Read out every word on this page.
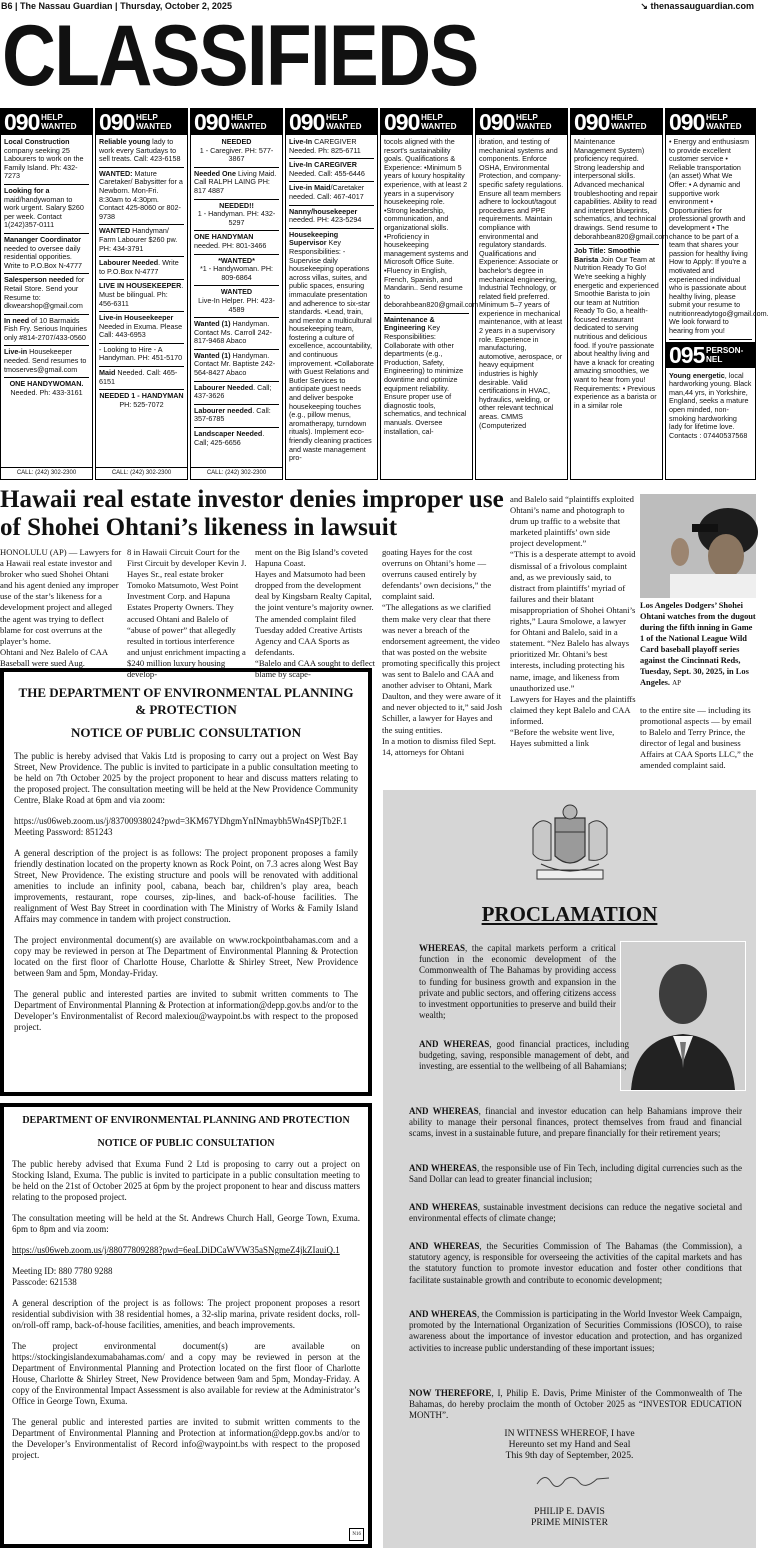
B6 | The Nassau Guardian | Thursday, October 2, 2025	↘ thenassauguardian.com
CLASSIFIEDS
090 HELP
WANTED
Local Construction company seeking 25 Labourers to work on the Family Island. Ph: 432-7273
Looking for a maid/handywoman to work urgent. Salary $260 per week. Contact 1(242)357-0111
Mananger Coordinator needed to oversee daily residential opporities. Write to P.O.Box N-4777
Salesperson needed for Retail Store. Send your Resume to: dkwearshop@gmail.com
In need of 10 Barmaids Fish Fry. Serious Inquiries only #814-2707/433-0560
Live-in Housekeeper needed. Send resumes to tmoserves@gmail.com
ONE HANDYWOMAN.
Needed. Ph: 433-3161
CALL: (242) 302-2300
090 HELP
WANTED
Reliable young lady to work every Sartudays to sell treats. Call: 423-6158
WANTED: Mature Caretaker/ Babysitter for a Newborn. Mon-Fri. 8:30am to 4:30pm. Contact 425-8060 or 802-9738
WANTED Handyman/ Farm Labourer $260 pw. PH: 434-3791
Labourer Needed. Write to P.O.Box N-4777
LIVE IN HOUSEKEEPER. Must be bilingual. Ph: 456-6311
Live-in Houseekeeper Needed in Exuma. Please Call: 443-6953
- Looking to Hire - A Handyman. PH: 451-5170
Maid Needed. Call: 465-6151
NEEDED 1 - HANDYMAN
PH: 525-7072
CALL: (242) 302-2300
090 HELP
WANTED
NEEDED
1 - Caregiver. PH: 577-3867
Needed One Living Maid. Call RALPH LAING PH: 817 4887
NEEDED!!
1 - Handyman. PH: 432-5297
ONE HANDYMAN needed. PH: 801-3466
*WANTED*
*1 - Handywoman. PH: 809-6864
WANTED
Live-In Helper. PH: 423-4589
Wanted (1) Handyman. Contact Ms. Carroll 242-817-9468 Abaco
Wanted (1) Handyman. Contact Mr. Baptiste 242-564-8427 Abaco
Labourer Needed. Call; 437-3626
Labourer needed. Call: 357-6785
Landscaper Needed. Call; 425-6656
CALL: (242) 302-2300
090 HELP
WANTED
Live-In CAREGIVER Needed. Ph: 825-6711
Live-In CAREGIVER Needed. Call: 455-6446
Live-in Maid/Caretaker needed. Call: 467-4017
Nanny/housekeeper needed. PH: 423-5294
Housekeeping Supervisor Key Responsibilities: -Supervise daily housekeeping operations across villas, suites, and public spaces, ensuring immaculate presentation and adherence to six-star standards. •Lead, train, and mentor a multicultural housekeeping team, fostering a culture of excellence, accountability, and continuous improvement. •Collaborate with Guest Relations and Butler Services to anticipate guest needs and deliver bespoke housekeeping touches (e.g., pillow menus, aromatherapy, turndown rituals). Implement eco-friendly cleaning practices and waste management pro-
090 HELP
WANTED
tocols aligned with the resort's sustainability goals. Qualifications & Experience: •Minimum 5 years of luxury hospitality experience, with at least 2 years in a supervisory housekeeping role. •Strong leadership, communication, and organizational skills. •Proficiency in housekeeping management systems and Microsoft Office Suite. •Fluency in English, French, Spanish, and Mandarin.. Send resume to deborahbean820@gmail.com
Maintenance & Engineering Key Responsibilities: Collaborate with other departments (e.g., Production, Safety, Engineering) to minimize downtime and optimize equipment reliability. Ensure proper use of diagnostic tools, schematics, and technical manuals. Oversee installation, cal-
090 HELP
WANTED
ibration, and testing of mechanical systems and components. Enforce OSHA, Environmental Protection, and company-specific safety regulations. Ensure all team members adhere to lockout/tagout procedures and PPE requirements. Maintain compliance with environmental and regulatory standards. Qualifications and Experience: Associate or bachelor's degree in mechanical engineering, Industrial Technology, or related field preferred. Minimum 5–7 years of experience in mechanical maintenance, with at least 2 years in a supervisory role. Experience in manufacturing, automotive, aerospace, or heavy equipment industries is highly desirable. Valid certifications in HVAC, hydraulics, welding, or other relevant technical areas. CMMS (Computerized
090 HELP
WANTED
Maintenance Management System) proficiency required. Strong leadership and interpersonal skills. Advanced mechanical troubleshooting and repair capabilities. Ability to read and interpret blueprints, schematics, and technical drawings. Send resume to deborahbean820@gmail.com
Job Title: Smoothie Barista Join Our Team at Nutrition Ready To Go! We're seeking a highly energetic and experienced Smoothie Barista to join our team at Nutrition Ready To Go, a health-focused restaurant dedicated to serving nutritious and delicious food. If you're passionate about healthy living and have a knack for creating amazing smoothies, we want to hear from you! Requirements: • Previous experience as a barista or in a similar role
090 HELP
WANTED
• Energy and enthusiasm to provide excellent customer service • Reliable transportation (an asset) What We Offer: • A dynamic and supportive work environment • Opportunities for professional growth and development • The chance to be part of a team that shares your passion for healthy living How to Apply: If you're a motivated and experienced individual who is passionate about healthy living, please submit your resume to nutritionreadytogo@gmail.com. We look forward to hearing from you!
095 PERSON-
NEL
Young energetic, local hardworking young. Black man,44 yrs, in Yorkshire, England, seeks a mature open minded, non-smoking hardworking lady for lifetime love. Contacts : 07440537568
Hawaii real estate investor denies improper use of Shohei Ohtani’s likeness in lawsuit
HONOLULU (AP) — Lawyers for a Hawaii real estate investor and broker who sued Shohei Ohtani and his agent denied any improper use of the star’s likeness for a development project and alleged the agent was trying to deflect blame for cost overruns at the player’s home.
Ohtani and Nez Balelo of CAA Baseball were sued Aug.
8 in Hawaii Circuit Court for the First Circuit by developer Kevin J. Hayes Sr., real estate broker Tomoko Matsumoto, West Point Investment Corp. and Hapuna Estates Property Owners. They accused Ohtani and Balelo of “abuse of power” that allegedly resulted in tortious interference and unjust enrichment impacting a $240 million luxury housing develop-
ment on the Big Island’s coveted Hapuna Coast.
Hayes and Matsumoto had been dropped from the development deal by Kingsbarn Realty Capital, the joint venture’s majority owner.
The amended complaint filed Tuesday added Creative Artists Agency and CAA Sports as defendants.
“Balelo and CAA sought to deflect blame by scape-
goating Hayes for the cost overruns on Ohtani’s home — overruns caused entirely by defendants’ own decisions,” the complaint said.
“The allegations as we clarified them make very clear that there was never a breach of the endorsement agreement, the video that was posted on the website promoting specifically this project was sent to Balelo and CAA and another adviser to Ohtani, Mark Daulton, and they were aware of it and never objected to it,” said Josh Schiller, a lawyer for Hayes and the suing entities.
In a motion to dismiss filed Sept. 14, attorneys for Ohtani
and Balelo said “plaintiffs exploited Ohtani’s name and photograph to drum up traffic to a website that marketed plaintiffs’ own side project development.”
“This is a desperate attempt to avoid dismissal of a frivolous complaint and, as we previously said, to distract from plaintiffs’ myriad of failures and their blatant misappropriation of Shohei Ohtani’s rights,” Laura Smolowe, a lawyer for Ohtani and Balelo, said in a statement. “Nez Balelo has always prioritized Mr. Ohtani’s best interests, including protecting his name, image, and likeness from unauthorized use.”
Lawyers for Hayes and the plaintiffs claimed they kept Balelo and CAA informed.
“Before the website went live, Hayes submitted a link
Los Angeles Dodgers’ Shohei Ohtani watches from the dugout during the fifth inning in Game 1 of the National League Wild Card baseball playoff series against the Cincinnati Reds, Tuesday, Sept. 30, 2025, in Los Angeles. AP
to the entire site — including its promotional aspects — by email to Balelo and Terry Prince, the director of legal and business Affairs at CAA Sports LLC,” the amended complaint said.
THE DEPARTMENT OF ENVIRONMENTAL PLANNING & PROTECTION
NOTICE OF PUBLIC CONSULTATION

The public is hereby advised that Vakis Ltd is proposing to carry out a project on West Bay Street, New Providence. The public is invited to participate in a public consultation meeting to be held on 7th October 2025 by the project proponent to hear and discuss matters relating to the proposed project. The consultation meeting will be held at the New Providence Community Centre, Blake Road at 6pm and via zoom:

https://us06web.zoom.us/j/83700938024?pwd=3KM67YDhgmYnINmaybh5Wn4SPjTb2F.1
Meeting Password: 851243

A general description of the project is as follows: The project proponent proposes a family friendly destination located on the property known as Rock Point, on 7.3 acres along West Bay Street, New Providence. The existing structure and pools will be renovated with additional amenities to include an infinity pool, cabana, beach bar, children’s play area, beach improvements, restaurant, rope courses, zip-lines, and back-of-house facilities. The realignment of West Bay Street in coordination with The Ministry of Works & Family Island Affairs may commence in tandem with project construction.

The project environmental document(s) are available on www.rockpointbahamas.com and a copy may be reviewed in person at The Department of Environmental Planning & Protection located on the first floor of Charlotte House, Charlotte & Shirley Street, New Providence between 9am and 5pm, Monday-Friday.

The general public and interested parties are invited to submit written comments to The Department of Environmental Planning & Protection at information@depp.gov.bs and/or to the Developer’s Environmentalist of Record malexiou@waypoint.bs with respect to the proposed project.

DEPARTMENT OF ENVIRONMENTAL PLANNING AND PROTECTION
NOTICE OF PUBLIC CONSULTATION

The public hereby advised that Exuma Fund 2 Ltd is proposing to carry out a project on Stocking Island, Exuma. The public is invited to participate in a public consultation meeting to be held on the 21st of October 2025 at 6pm by the project proponent to hear and discuss matters relating to the proposed project.

The consultation meeting will be held at the St. Andrews Church Hall, George Town, Exuma. 6pm to 8pm and via zoom:

https://us06web.zoom.us/j/88077809288?pwd=6eaLDiDCaWVW35aSNgmeZ4jkZIauiQ.1

Meeting ID: 880 7780 9288
Passcode: 621538

A general description of the project is as follows: The project proponent proposes a resort residential subdivision with 38 residential homes, a 32-slip marina, private resident docks, roll-on/roll-off ramp, back-of-house facilities, amenities, and beach improvements.

The project environmental document(s) are available on https://stockingislandexumabahamas.com/ and a copy may be reviewed in person at the Department of Environmental Planning and Protection located on the first floor of Charlotte House, Charlotte & Shirley Street, New Providence between 9am and 5pm, Monday-Friday. A copy of the Environmental Impact Assessment is also available for review at the Administrator’s Office in George Town, Exuma.

The general public and interested parties are invited to submit written comments to the Department of Environmental Planning and Protection at information@depp.gov.bs and/or to the Developer’s Environmentalist of Record info@waypoint.bs with respect to the proposed project.

N16
PROCLAMATION
WHEREAS, the capital markets perform a critical function in the economic development of the Commonwealth of The Bahamas by providing access to funding for business growth and expansion in the private and public sectors, and offering citizens access to investment opportunities to preserve and build their wealth;
AND WHEREAS, good financial practices, including budgeting, saving, responsible management of debt, and investing, are essential to the wellbeing of all Bahamians;
AND WHEREAS, financial and investor education can help Bahamians improve their ability to manage their personal finances, protect themselves from fraud and financial scams, invest in a sustainable future, and prepare financially for their retirement years;
AND WHEREAS, the responsible use of Fin Tech, including digital currencies such as the Sand Dollar can lead to greater financial inclusion;
AND WHEREAS, sustainable investment decisions can reduce the negative societal and environmental effects of climate change;
AND WHEREAS, the Securities Commission of The Bahamas (the Commission), a statutory agency, is responsible for overseeing the activities of the capital markets and has the statutory function to promote investor education and foster other conditions that facilitate sustainable growth and contribute to economic development;
AND WHEREAS, the Commission is participating in the World Investor Week Campaign, promoted by the International Organization of Securities Commissions (IOSCO), to raise awareness about the importance of investor education and protection, and has organized activities to increase public understanding of these important issues;
NOW THEREFORE, I, Philip E. Davis, Prime Minister of the Commonwealth of The Bahamas, do hereby proclaim the month of October 2025 as “INVESTOR EDUCATION MONTH”.
IN WITNESS WHEREOF, I have
Hereunto set my Hand and Seal
This 9th day of September, 2025.
PHILIP E. DAVIS
PRIME MINISTER
